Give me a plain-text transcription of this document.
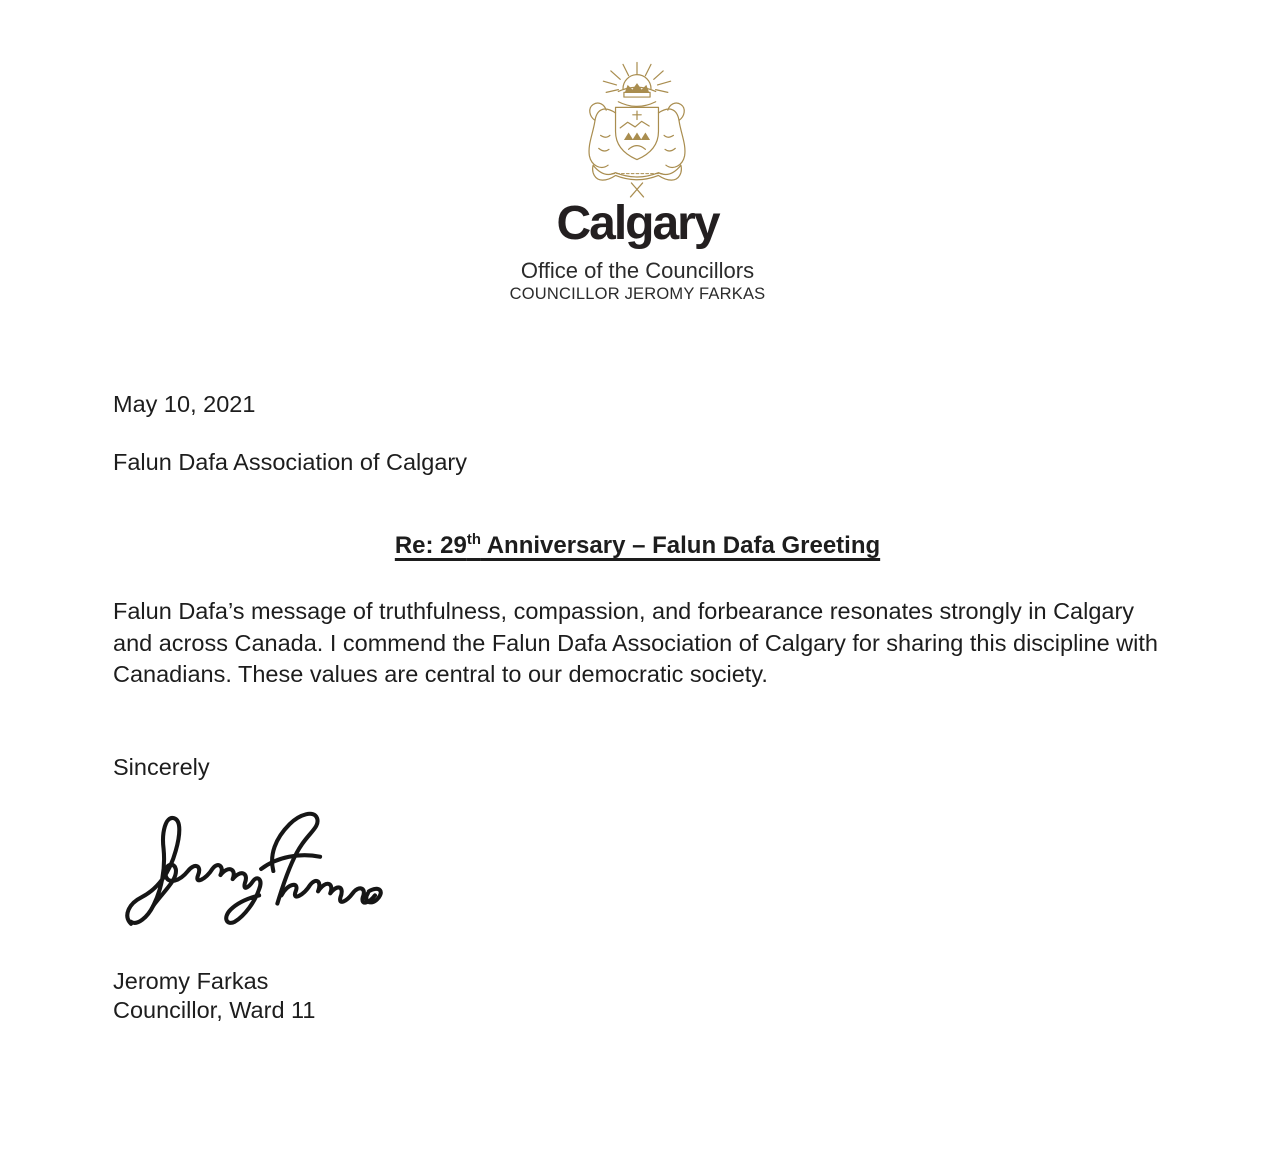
Calgary
Office of the Councillors
COUNCILLOR JEROMY FARKAS
May 10, 2021
Falun Dafa Association of Calgary
Re: 29th Anniversary – Falun Dafa Greeting
Falun Dafa’s message of truthfulness, compassion, and forbearance resonates strongly in Calgary and across Canada. I commend the Falun Dafa Association of Calgary for sharing this discipline with Canadians. These values are central to our democratic society.
Sincerely
Jeromy Farkas
Councillor, Ward 11
